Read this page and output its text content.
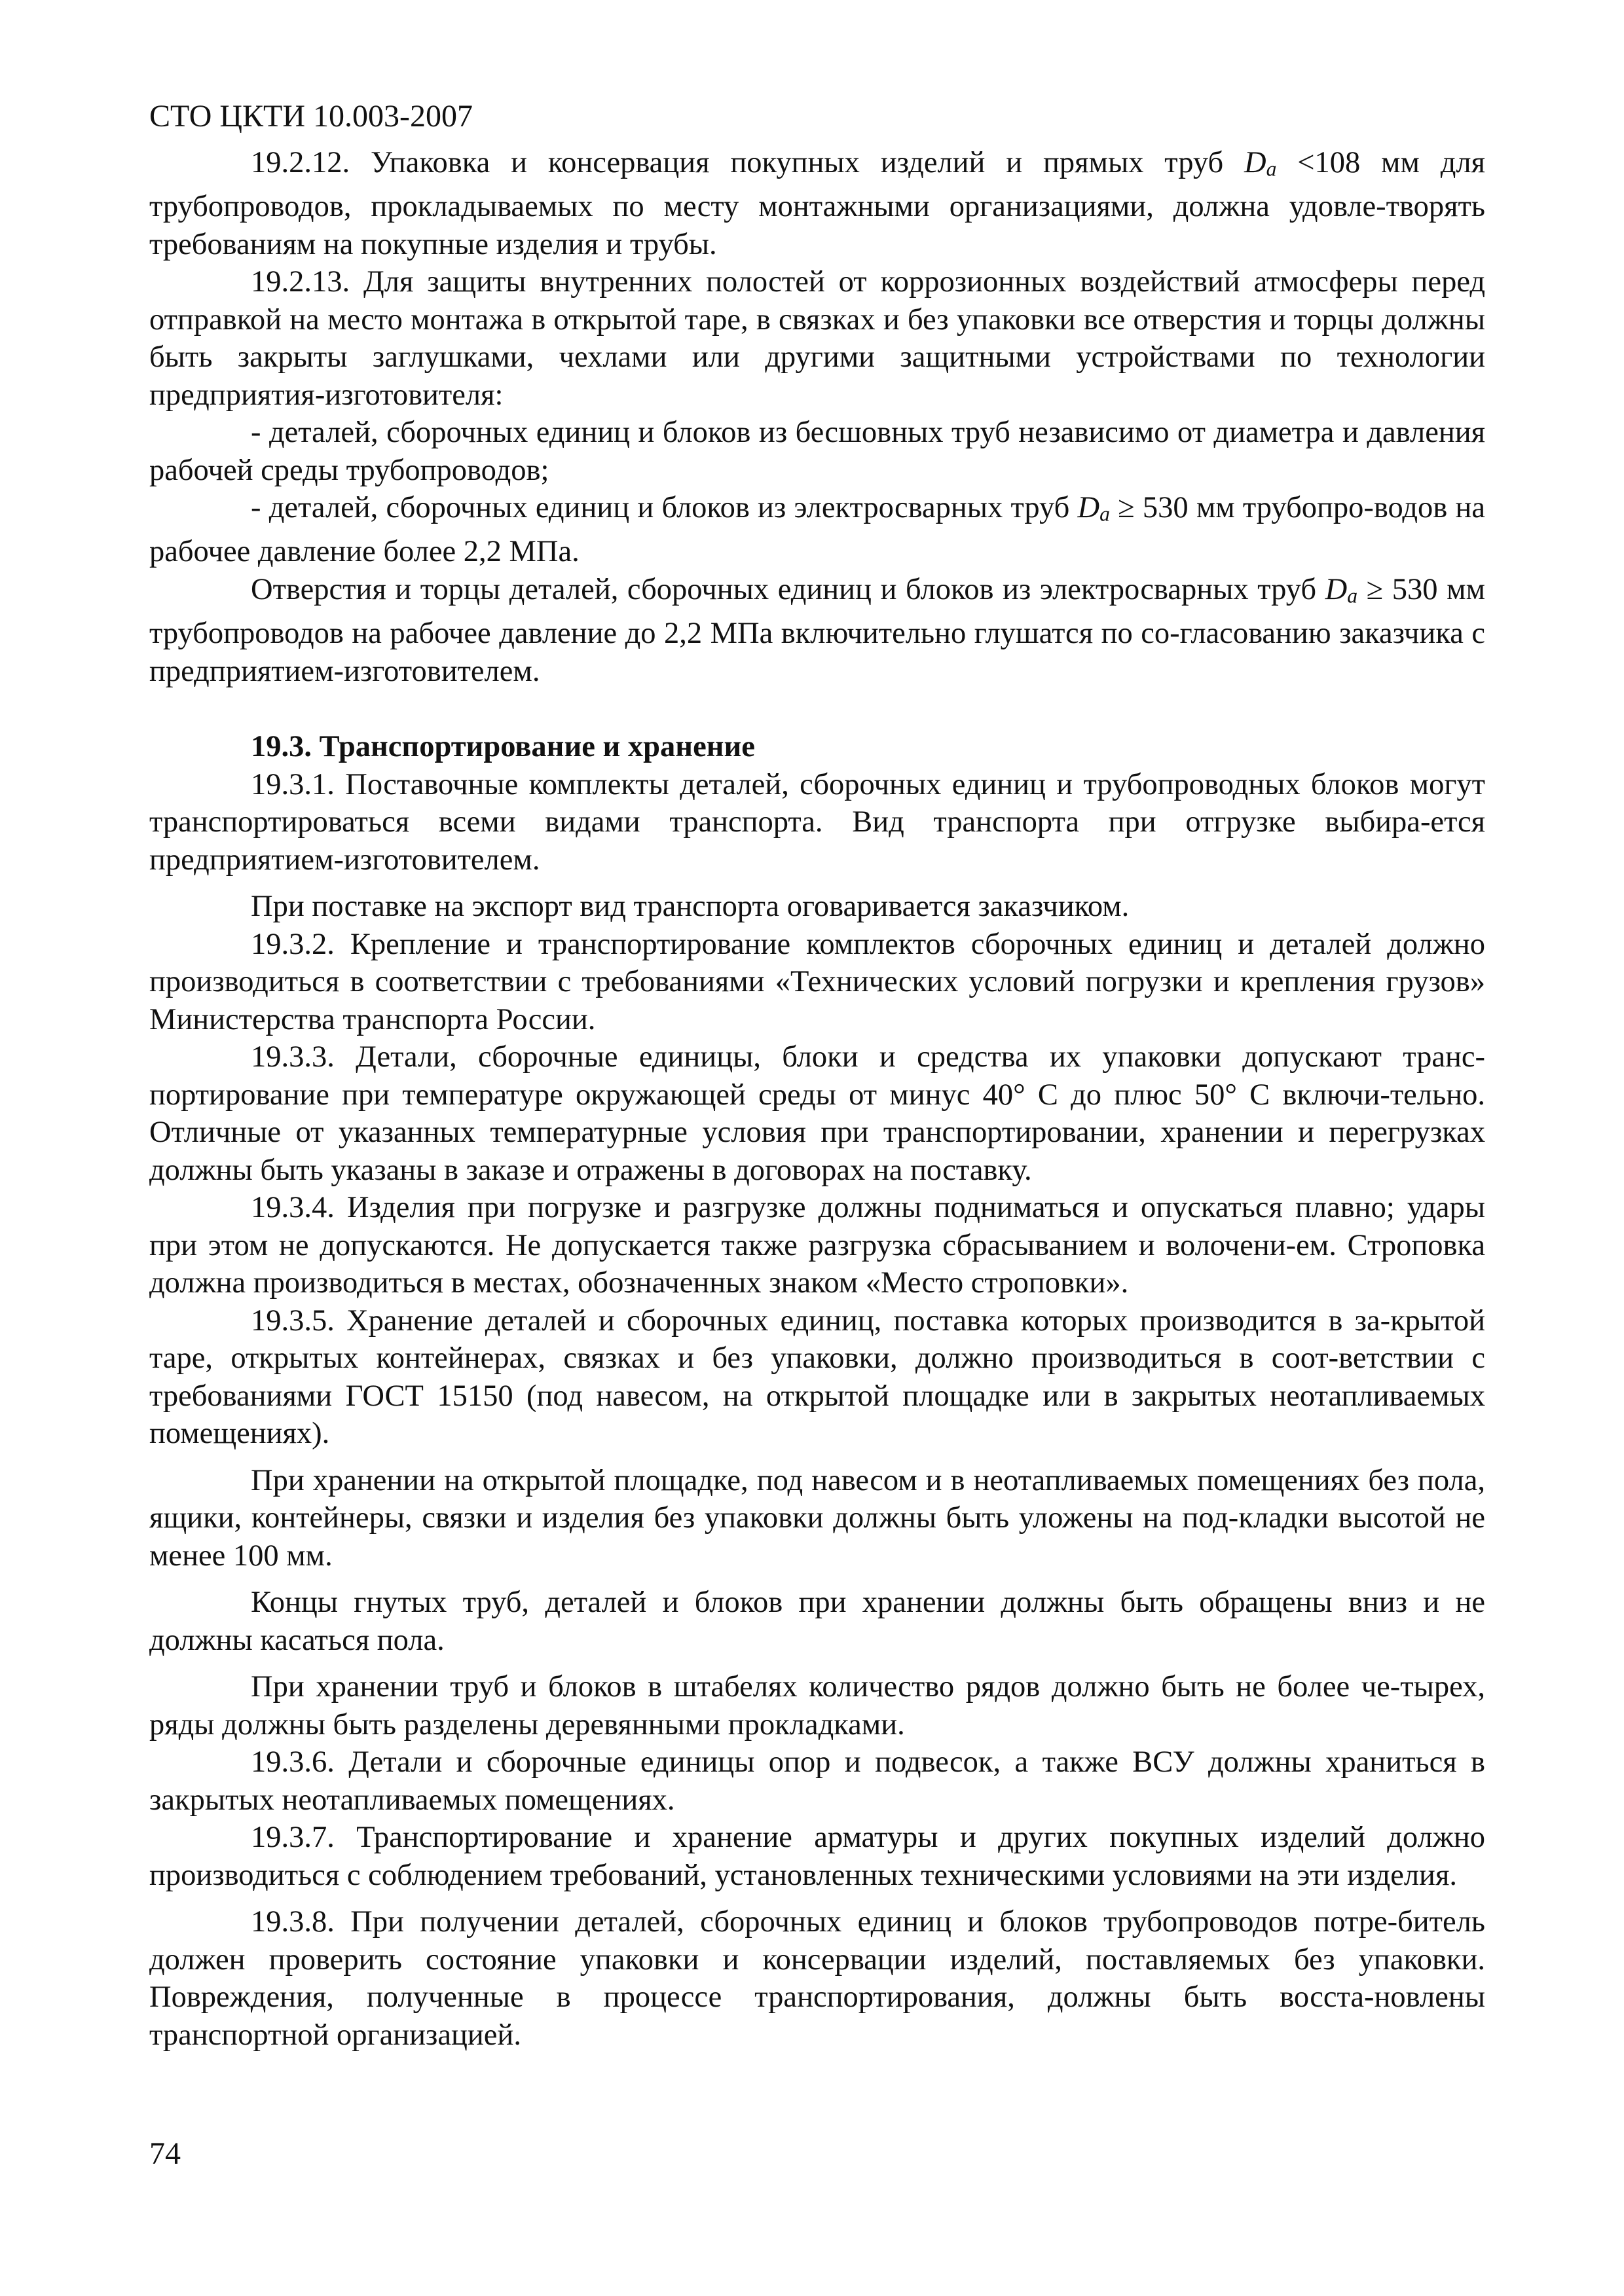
СТО ЦКТИ 10.003-2007

19.2.12. Упаковка и консервация покупных изделий и прямых труб $D_a <108$ мм для трубопроводов, прокладываемых по месту монтажными организациями, должна удовле-творять требованиям на покупные изделия и трубы.

19.2.13. Для защиты внутренних полостей от коррозионных воздействий атмосферы перед отправкой на место монтажа в открытой таре, в связках и без упаковки все отверстия и торцы должны быть закрыты заглушками, чехлами или другими защитными устройствами по технологии предприятия-изготовителя:

- деталей, сборочных единиц и блоков из бесшовных труб независимо от диаметра и давления рабочей среды трубопроводов;

- деталей, сборочных единиц и блоков из электросварных труб $D_a \ge 530$ мм трубопро-водов на рабочее давление более 2,2 МПа.

Отверстия и торцы деталей, сборочных единиц и блоков из электросварных труб $D_a \ge 530$ мм трубопроводов на рабочее давление до 2,2 МПа включительно глушатся по со-гласованию заказчика с предприятием-изготовителем.

19.3. Транспортирование и хранение

19.3.1. Поставочные комплекты деталей, сборочных единиц и трубопроводных блоков могут транспортироваться всеми видами транспорта. Вид транспорта при отгрузке выбира-ется предприятием-изготовителем.

При поставке на экспорт вид транспорта оговаривается заказчиком.

19.3.2. Крепление и транспортирование комплектов сборочных единиц и деталей должно производиться в соответствии с требованиями «Технических условий погрузки и крепления грузов» Министерства транспорта России.

19.3.3. Детали, сборочные единицы, блоки и средства их упаковки допускают транс-портирование при температуре окружающей среды от минус 40° С до плюс 50° С включи-тельно. Отличные от указанных температурные условия при транспортировании, хранении и перегрузках должны быть указаны в заказе и отражены в договорах на поставку.

19.3.4. Изделия при погрузке и разгрузке должны подниматься и опускаться плавно; удары при этом не допускаются. Не допускается также разгрузка сбрасыванием и волочени-ем. Строповка должна производиться в местах, обозначенных знаком «Место строповки».

19.3.5. Хранение деталей и сборочных единиц, поставка которых производится в за-крытой таре, открытых контейнерах, связках и без упаковки, должно производиться в соот-ветствии с требованиями ГОСТ 15150 (под навесом, на открытой площадке или в закрытых неотапливаемых помещениях).

При хранении на открытой площадке, под навесом и в неотапливаемых помещениях без пола, ящики, контейнеры, связки и изделия без упаковки должны быть уложены на под-кладки высотой не менее 100 мм.

Концы гнутых труб, деталей и блоков при хранении должны быть обращены вниз и не должны касаться пола.

При хранении труб и блоков в штабелях количество рядов должно быть не более че-тырех, ряды должны быть разделены деревянными прокладками.

19.3.6. Детали и сборочные единицы опор и подвесок, а также ВСУ должны храниться в закрытых неотапливаемых помещениях.

19.3.7. Транспортирование и хранение арматуры и других покупных изделий должно производиться с соблюдением требований, установленных техническими условиями на эти изделия.

19.3.8. При получении деталей, сборочных единиц и блоков трубопроводов потре-битель должен проверить состояние упаковки и консервации изделий, поставляемых без упаковки. Повреждения, полученные в процессе транспортирования, должны быть восста-новлены транспортной организацией.

74
